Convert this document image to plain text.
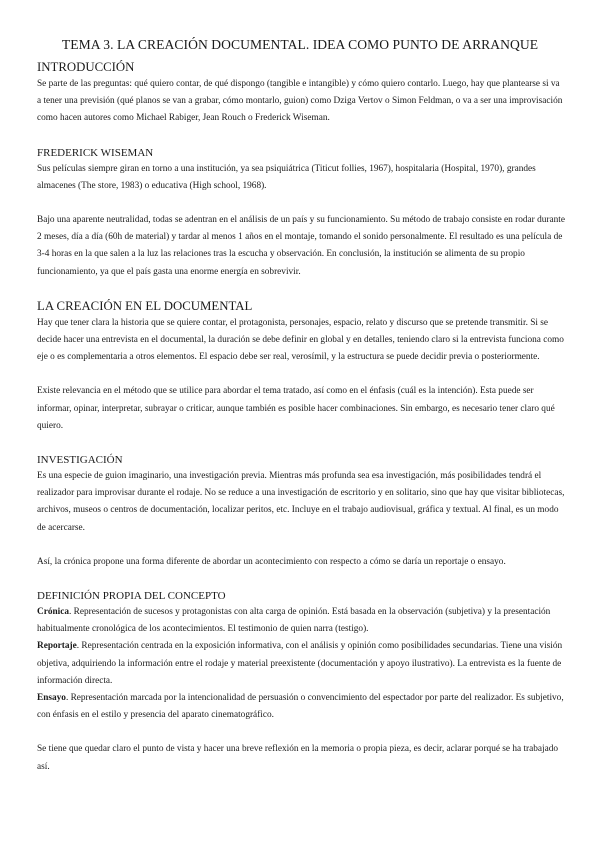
TEMA 3. LA CREACIÓN DOCUMENTAL. IDEA COMO PUNTO DE ARRANQUE
INTRODUCCIÓN

Se parte de las preguntas: qué quiero contar, de qué dispongo (tangible e intangible) y cómo quiero contarlo. Luego, hay que plantearse si va a tener una previsión (qué planos se van a grabar, cómo montarlo, guion) como Dziga Vertov o Simon Feldman, o va a ser una improvisación como hacen autores como Michael Rabiger, Jean Rouch o Frederick Wiseman.

FREDERICK WISEMAN

Sus películas siempre giran en torno a una institución, ya sea psiquiátrica (Titicut follies, 1967), hospitalaria (Hospital, 1970), grandes almacenes (The store, 1983) o educativa (High school, 1968).

Bajo una aparente neutralidad, todas se adentran en el análisis de un país y su funcionamiento. Su método de trabajo consiste en rodar durante 2 meses, día a día (60h de material) y tardar al menos 1 años en el montaje, tomando el sonido personalmente. El resultado es una película de 3-4 horas en la que salen a la luz las relaciones tras la escucha y observación. En conclusión, la institución se alimenta de su propio funcionamiento, ya que el país gasta una enorme energía en sobrevivir.

LA CREACIÓN EN EL DOCUMENTAL

Hay que tener clara la historia que se quiere contar, el protagonista, personajes, espacio, relato y discurso que se pretende transmitir. Si se decide hacer una entrevista en el documental, la duración se debe definir en global y en detalles, teniendo claro si la entrevista funciona como eje o es complementaria a otros elementos. El espacio debe ser real, verosímil, y la estructura se puede decidir previa o posteriormente.

Existe relevancia en el método que se utilice para abordar el tema tratado, así como en el énfasis (cuál es la intención). Esta puede ser informar, opinar, interpretar, subrayar o criticar, aunque también es posible hacer combinaciones. Sin embargo, es necesario tener claro qué quiero.

INVESTIGACIÓN

Es una especie de guion imaginario, una investigación previa. Mientras más profunda sea esa investigación, más posibilidades tendrá el realizador para improvisar durante el rodaje. No se reduce a una investigación de escritorio y en solitario, sino que hay que visitar bibliotecas, archivos, museos o centros de documentación, localizar peritos, etc. Incluye en el trabajo audiovisual, gráfica y textual. Al final, es un modo de acercarse.

Así, la crónica propone una forma diferente de abordar un acontecimiento con respecto a cómo se daría un reportaje o ensayo.

DEFINICIÓN PROPIA DEL CONCEPTO

Crónica. Representación de sucesos y protagonistas con alta carga de opinión. Está basada en la observación (subjetiva) y la presentación habitualmente cronológica de los acontecimientos. El testimonio de quien narra (testigo).

Reportaje. Representación centrada en la exposición informativa, con el análisis y opinión como posibilidades secundarias. Tiene una visión objetiva, adquiriendo la información entre el rodaje y material preexistente (documentación y apoyo ilustrativo). La entrevista es la fuente de información directa.

Ensayo. Representación marcada por la intencionalidad de persuasión o convencimiento del espectador por parte del realizador. Es subjetivo, con énfasis en el estilo y presencia del aparato cinematográfico.

Se tiene que quedar claro el punto de vista y hacer una breve reflexión en la memoria o propia pieza, es decir, aclarar porqué se ha trabajado así.
